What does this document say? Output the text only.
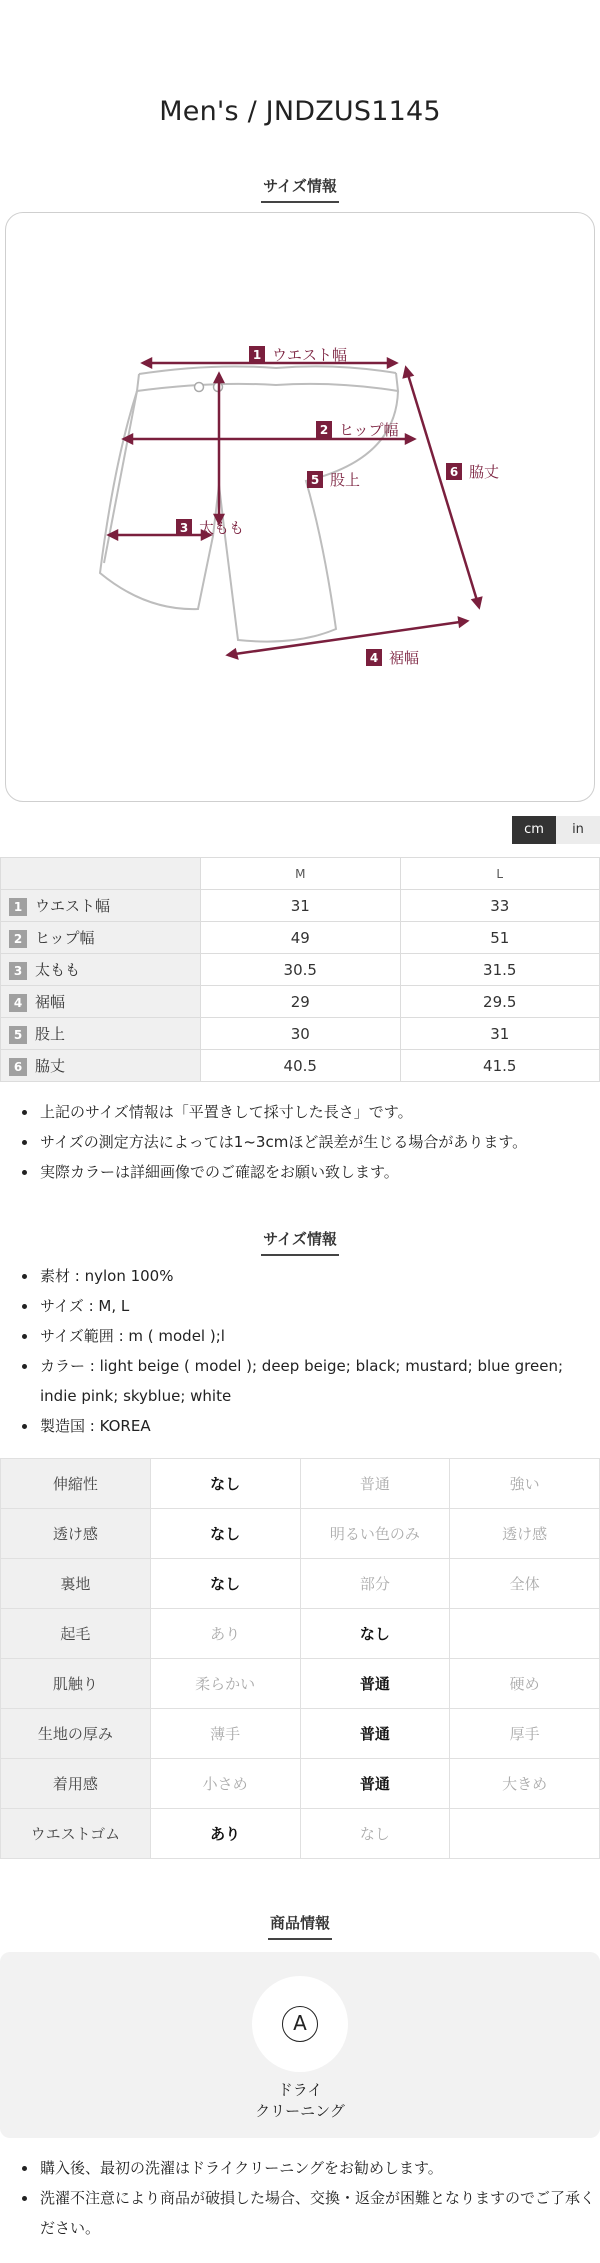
Men's / JNDZUS1145
サイズ情報
1 ウエスト幅
2 ヒップ幅
3 太もも
4 裾幅
5 股上	6 脇丈
cm	in
	M	L
1 ウエスト幅	31	33
2 ヒップ幅	49	51
3 太もも	30.5	31.5
4 裾幅	29	29.5
5 股上	30	31
6 脇丈	40.5	41.5
上記のサイズ情報は「平置きして採寸した長さ」です。
サイズの測定方法によっては1~3cmほど誤差が生じる場合があります。
実際カラーは詳細画像でのご確認をお願い致します。
サイズ情報
素材 : nylon 100%
サイズ : M, L
サイズ範囲 : m ( model );l
カラー : light beige ( model ); deep beige; black; mustard; blue green; indie pink; skyblue; white
製造国 : KOREA
伸縮性	なし	普通	強い
透け感	なし	明るい色のみ	透け感
裏地	なし	部分	全体
起毛	あり	なし	
肌触り	柔らかい	普通	硬め
生地の厚み	薄手	普通	厚手
着用感	小さめ	普通	大きめ
ウエストゴム	あり	なし	
商品情報
A
ドライ
クリーニング
購入後、最初の洗濯はドライクリーニングをお勧めします。
洗濯不注意により商品が破損した場合、交換・返金が困難となりますのでご了承ください。
